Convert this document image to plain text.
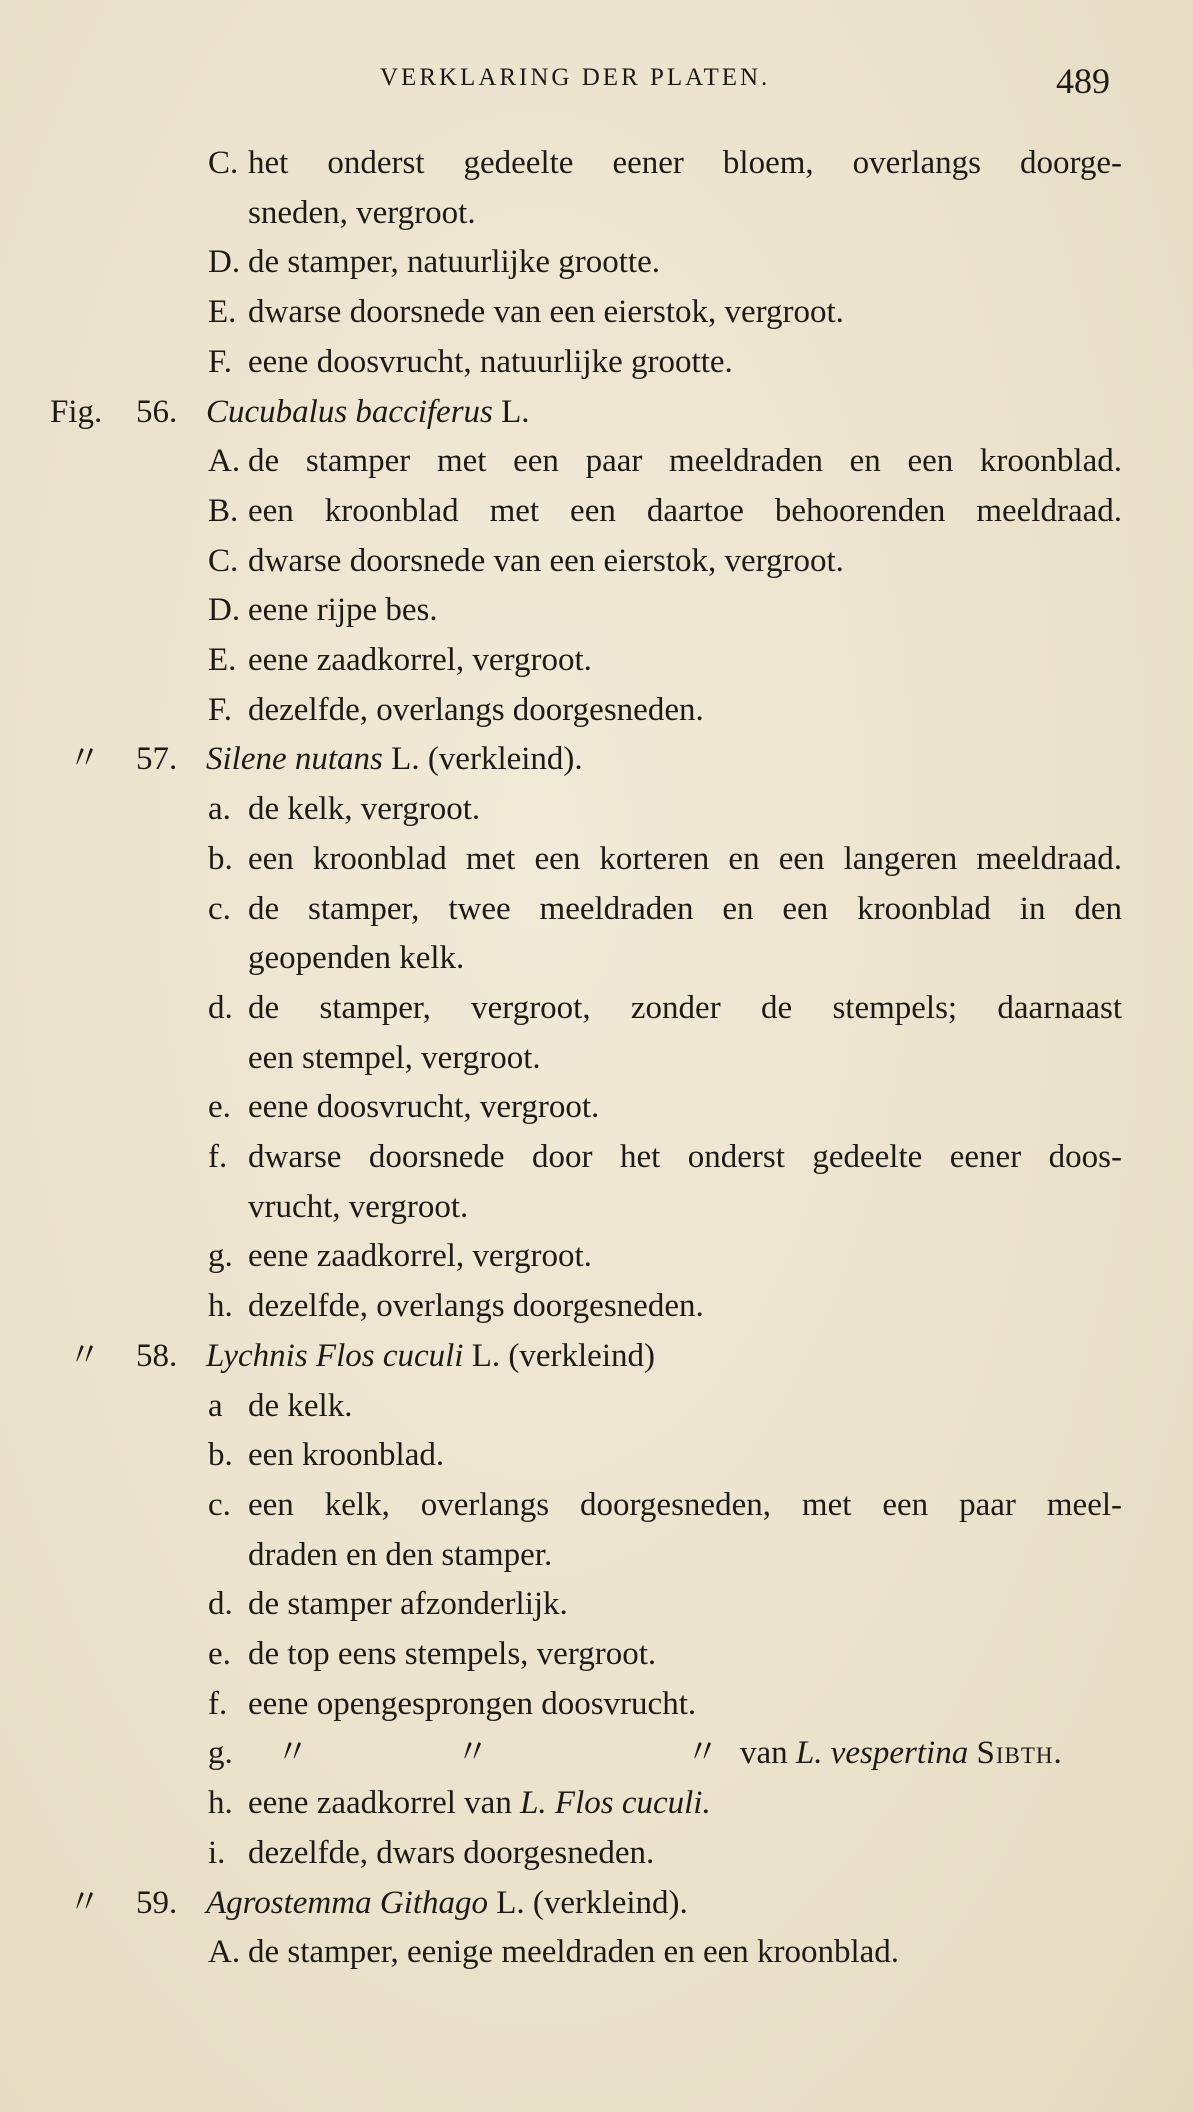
VERKLARING DER PLATEN.	489
C. het onderst gedeelte eener bloem, overlangs doorge-
sneden, vergroot.
D. de stamper, natuurlijke grootte.
E. dwarse doorsnede van een eierstok, vergroot.
F. eene doosvrucht, natuurlijke grootte.
Fig. 56. Cucubalus bacciferus L.
A. de stamper met een paar meeldraden en een kroonblad.
B. een kroonblad met een daartoe behoorenden meeldraad.
C. dwarse doorsnede van een eierstok, vergroot.
D. eene rijpe bes.
E. eene zaadkorrel, vergroot.
F. dezelfde, overlangs doorgesneden.
〃 57. Silene nutans L. (verkleind).
a. de kelk, vergroot.
b. een kroonblad met een korteren en een langeren meeldraad.
c. de stamper, twee meeldraden en een kroonblad in den
geopenden kelk.
d. de stamper, vergroot, zonder de stempels; daarnaast
een stempel, vergroot.
e. eene doosvrucht, vergroot.
f. dwarse doorsnede door het onderst gedeelte eener doos-
vrucht, vergroot.
g. eene zaadkorrel, vergroot.
h. dezelfde, overlangs doorgesneden.
〃 58. Lychnis Flos cuculi L. (verkleind)
a de kelk.
b. een kroonblad.
c. een kelk, overlangs doorgesneden, met een paar meel-
draden en den stamper.
d. de stamper afzonderlijk.
e. de top eens stempels, vergroot.
f. eene opengesprongen doosvrucht.
g. 〃	〃	〃 van L. vespertina Sibth.
h. eene zaadkorrel van L. Flos cuculi.
i. dezelfde, dwars doorgesneden.
〃 59. Agrostemma Githago L. (verkleind).
A. de stamper, eenige meeldraden en een kroonblad.
